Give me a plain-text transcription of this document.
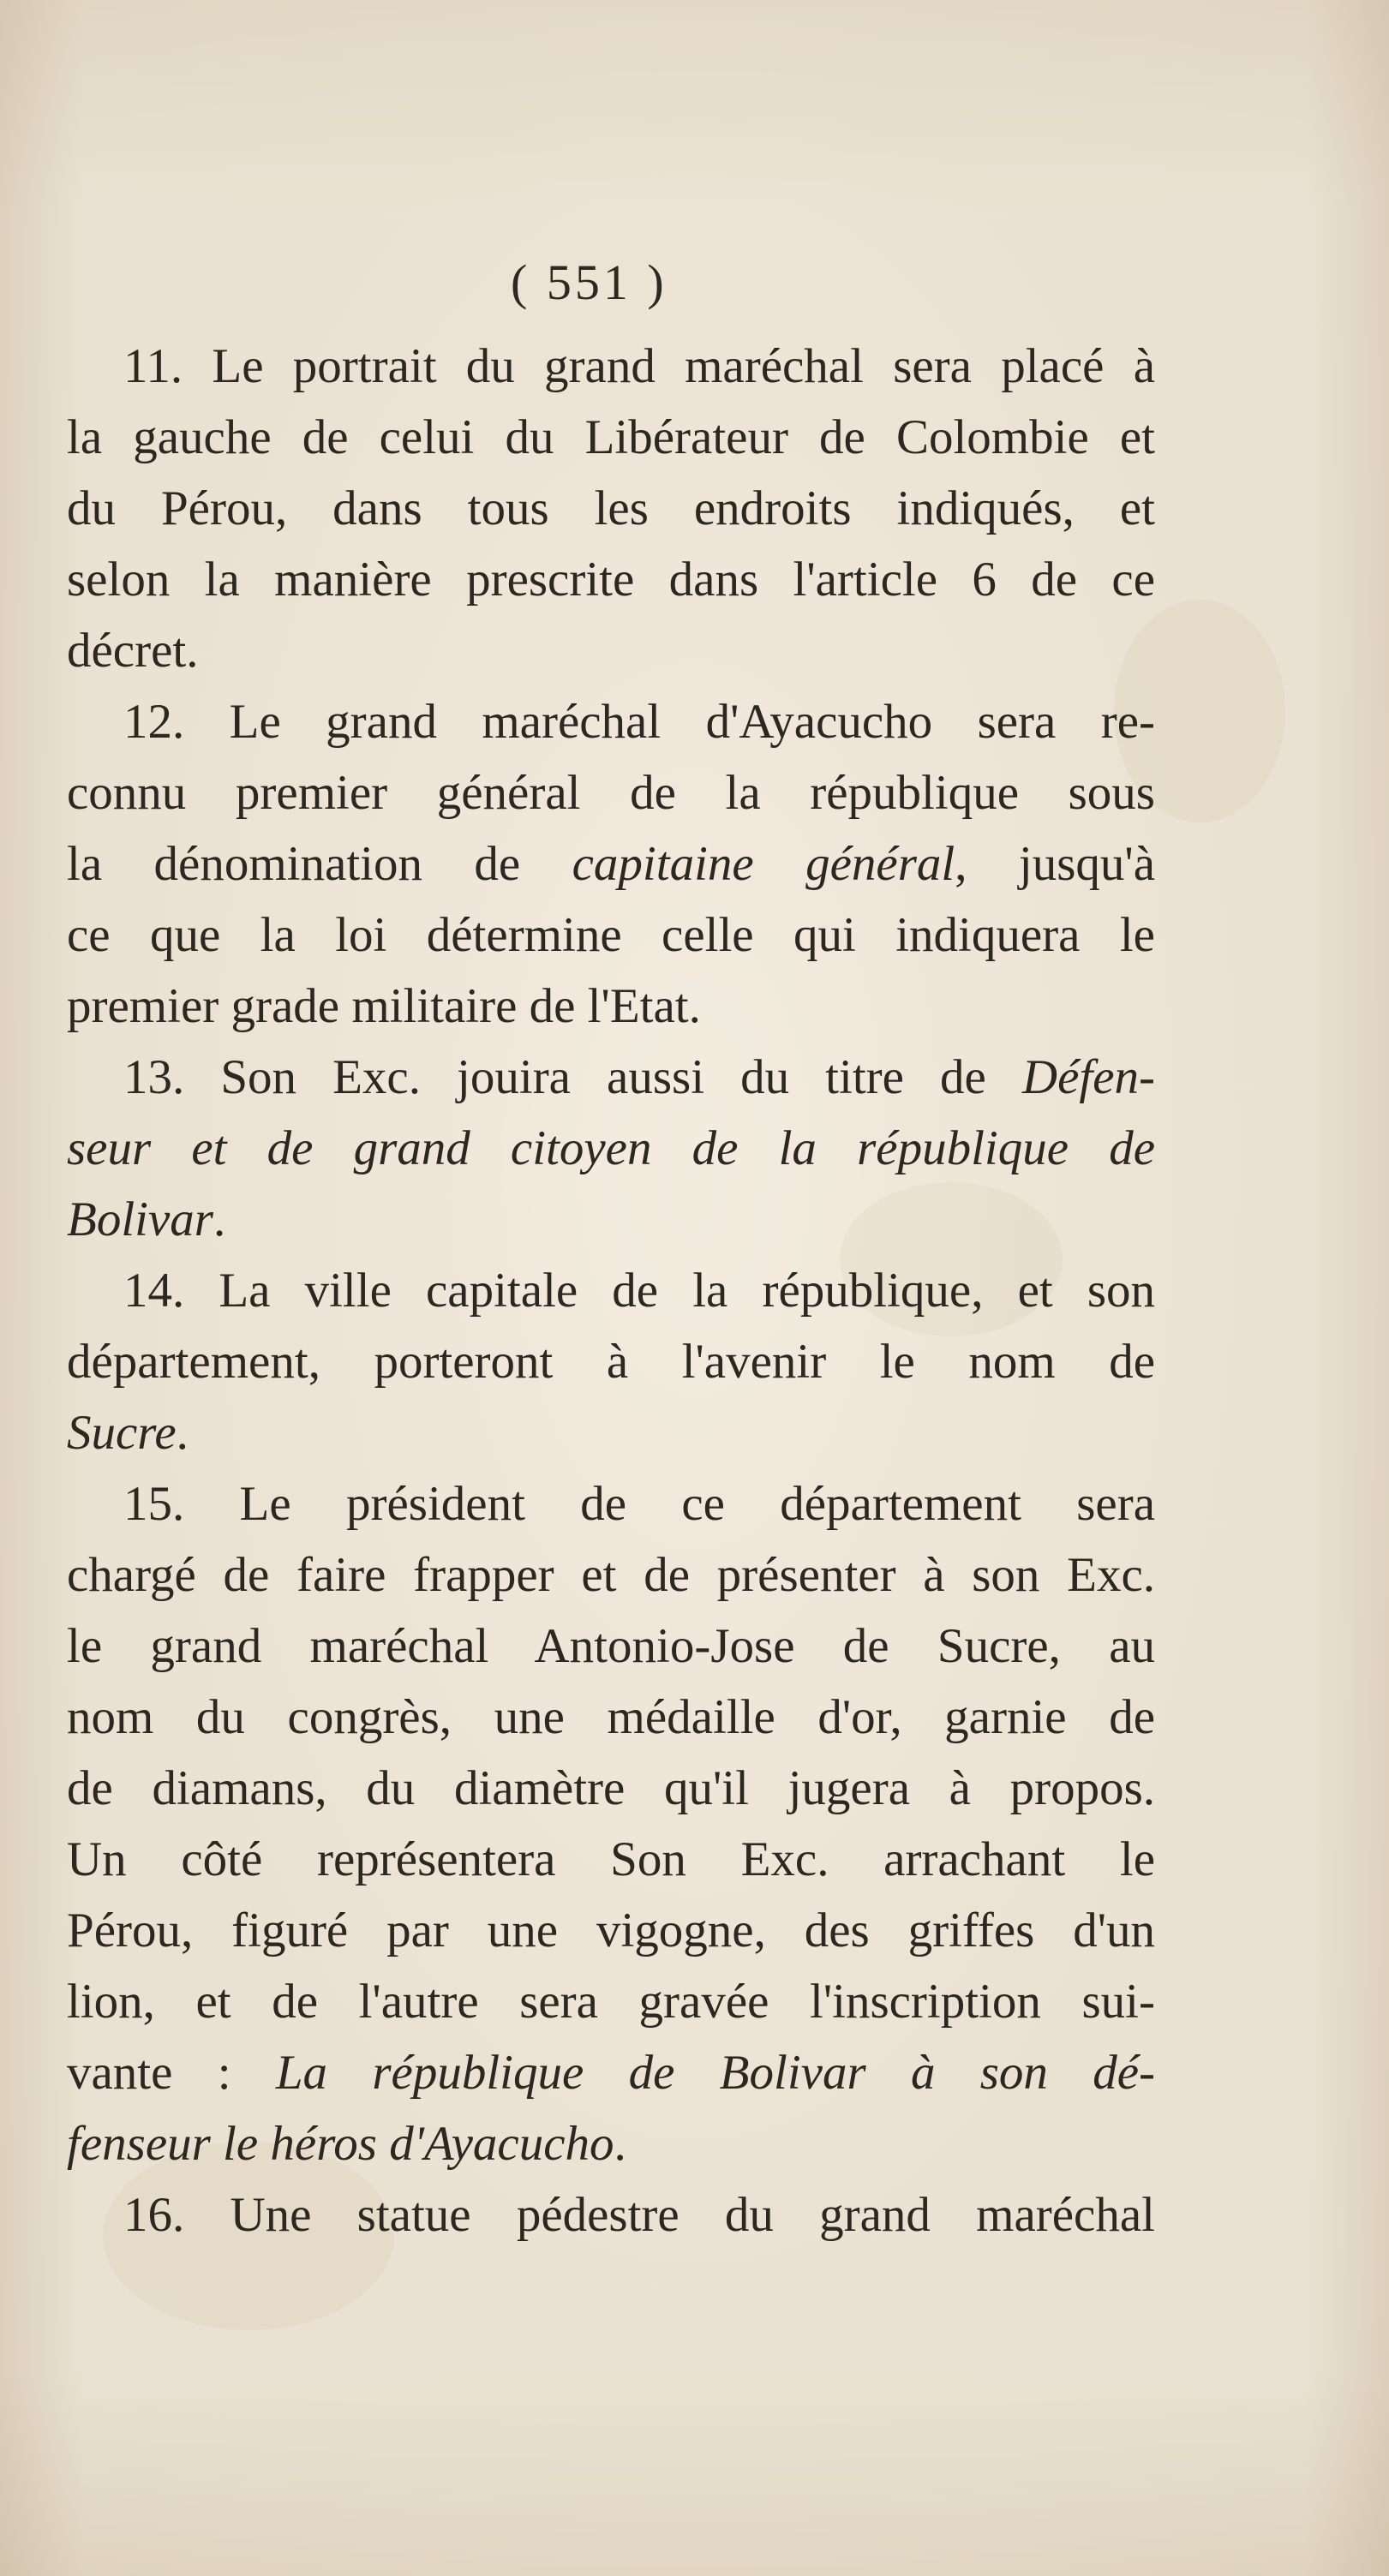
( 551 )
11. Le portrait du grand maréchal sera placé à
la gauche de celui du Libérateur de Colombie et
du Pérou, dans tous les endroits indiqués, et
selon la manière prescrite dans l'article 6 de ce
décret.
12. Le grand maréchal d'Ayacucho sera re-
connu premier général de la république sous
la dénomination de capitaine général, jusqu'à
ce que la loi détermine celle qui indiquera le
premier grade militaire de l'Etat.
13. Son Exc. jouira aussi du titre de Défen-
seur et de grand citoyen de la république de
Bolivar.
14. La ville capitale de la république, et son
département, porteront à l'avenir le nom de
Sucre.
15. Le président de ce département sera
chargé de faire frapper et de présenter à son Exc.
le grand maréchal Antonio-Jose de Sucre, au
nom du congrès, une médaille d'or, garnie de
de diamans, du diamètre qu'il jugera à propos.
Un côté représentera Son Exc. arrachant le
Pérou, figuré par une vigogne, des griffes d'un
lion, et de l'autre sera gravée l'inscription sui-
vante : La république de Bolivar à son dé-
fenseur le héros d'Ayacucho.
16. Une statue pédestre du grand maréchal
